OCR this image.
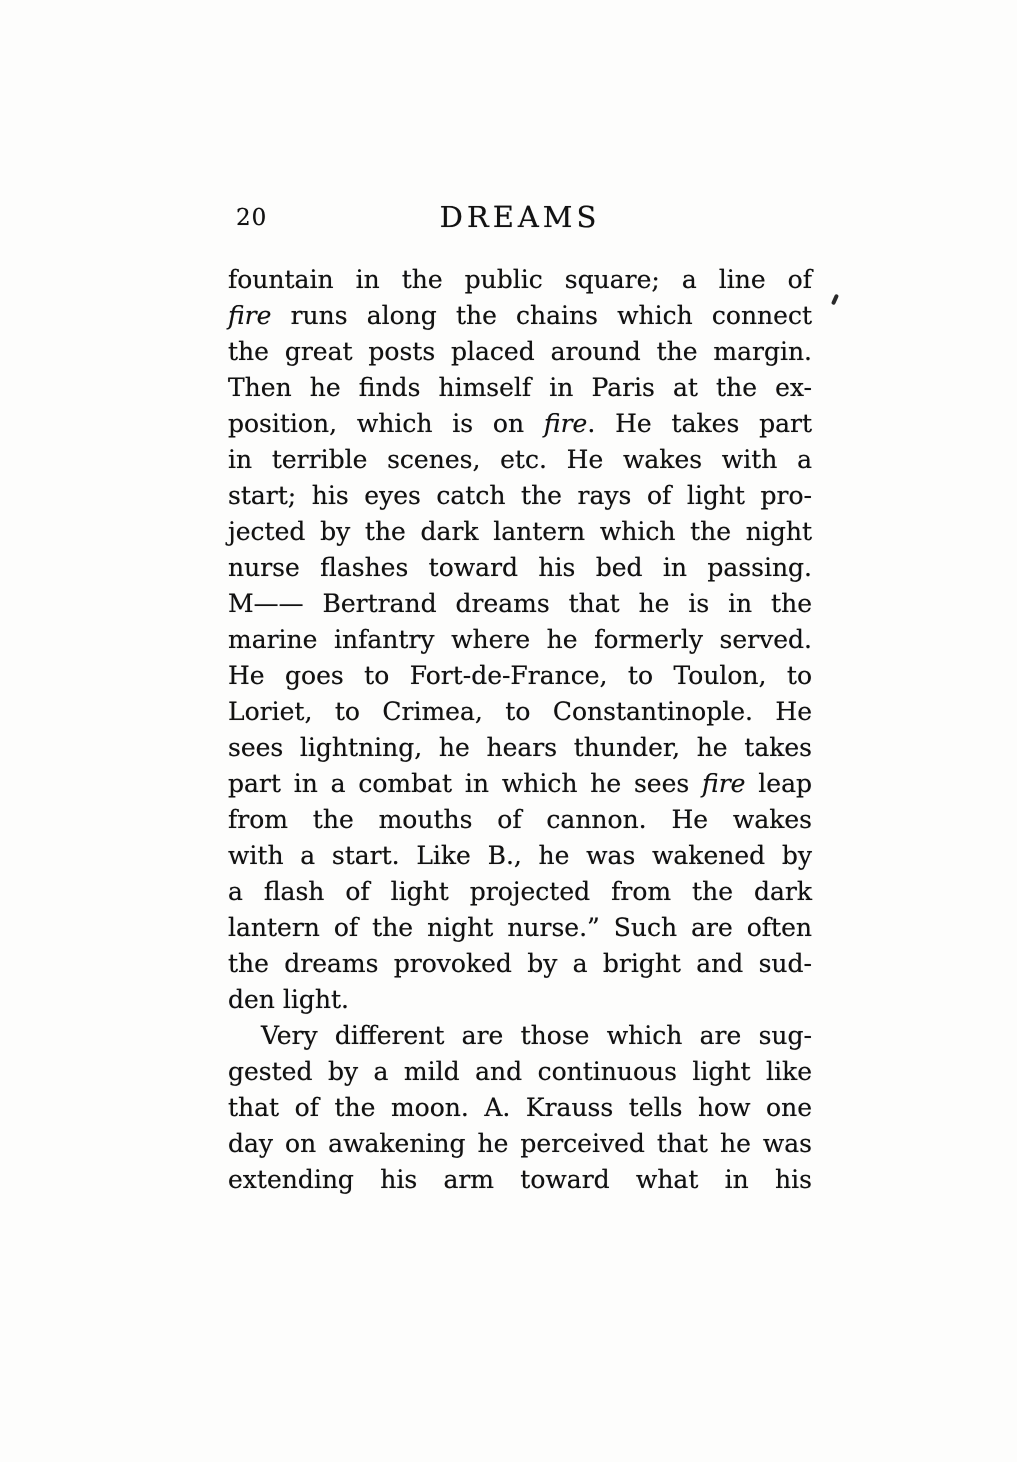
20	DREAMS
fountain in the public square; a line of
fire runs along the chains which connect
the great posts placed around the margin.
Then he finds himself in Paris at the ex-
position, which is on fire. He takes part
in terrible scenes, etc. He wakes with a
start; his eyes catch the rays of light pro-
jected by the dark lantern which the night
nurse flashes toward his bed in passing.
M—— Bertrand dreams that he is in the
marine infantry where he formerly served.
He goes to Fort-de-France, to Toulon, to
Loriet, to Crimea, to Constantinople. He
sees lightning, he hears thunder, he takes
part in a combat in which he sees fire leap
from the mouths of cannon. He wakes
with a start. Like B., he was wakened by
a flash of light projected from the dark
lantern of the night nurse.” Such are often
the dreams provoked by a bright and sud-
den light.
Very different are those which are sug-
gested by a mild and continuous light like
that of the moon. A. Krauss tells how one
day on awakening he perceived that he was
extending his arm toward what in his
